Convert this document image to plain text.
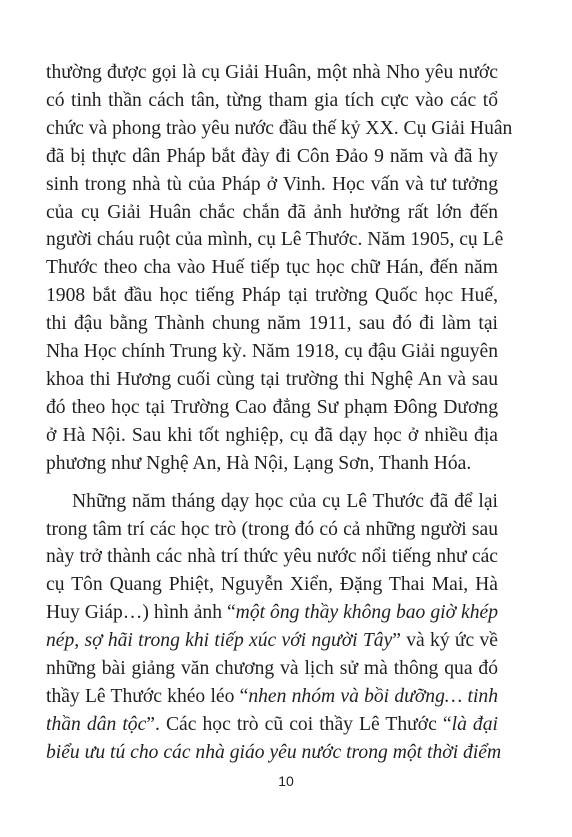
thường được gọi là cụ Giải Huân, một nhà Nho yêu nước
có tinh thần cách tân, từng tham gia tích cực vào các tổ
chức và phong trào yêu nước đầu thế kỷ XX. Cụ Giải Huân
đã bị thực dân Pháp bắt đày đi Côn Đảo 9 năm và đã hy
sinh trong nhà tù của Pháp ở Vinh. Học vấn và tư tưởng
của cụ Giải Huân chắc chắn đã ảnh hưởng rất lớn đến
người cháu ruột của mình, cụ Lê Thước. Năm 1905, cụ Lê
Thước theo cha vào Huế tiếp tục học chữ Hán, đến năm
1908 bắt đầu học tiếng Pháp tại trường Quốc học Huế,
thi đậu bằng Thành chung năm 1911, sau đó đi làm tại
Nha Học chính Trung kỳ. Năm 1918, cụ đậu Giải nguyên
khoa thi Hương cuối cùng tại trường thi Nghệ An và sau
đó theo học tại Trường Cao đẳng Sư phạm Đông Dương
ở Hà Nội. Sau khi tốt nghiệp, cụ đã dạy học ở nhiều địa
phương như Nghệ An, Hà Nội, Lạng Sơn, Thanh Hóa.
Những năm tháng dạy học của cụ Lê Thước đã để lại
trong tâm trí các học trò (trong đó có cả những người sau
này trở thành các nhà trí thức yêu nước nổi tiếng như các
cụ Tôn Quang Phiệt, Nguyễn Xiển, Đặng Thai Mai, Hà
Huy Giáp…) hình ảnh “một ông thầy không bao giờ khép
nép, sợ hãi trong khi tiếp xúc với người Tây” và ký ức về
những bài giảng văn chương và lịch sử mà thông qua đó
thầy Lê Thước khéo léo “nhen nhóm và bồi dưỡng… tinh
thần dân tộc”. Các học trò cũ coi thầy Lê Thước “là đại
biểu ưu tú cho các nhà giáo yêu nước trong một thời điểm
10
